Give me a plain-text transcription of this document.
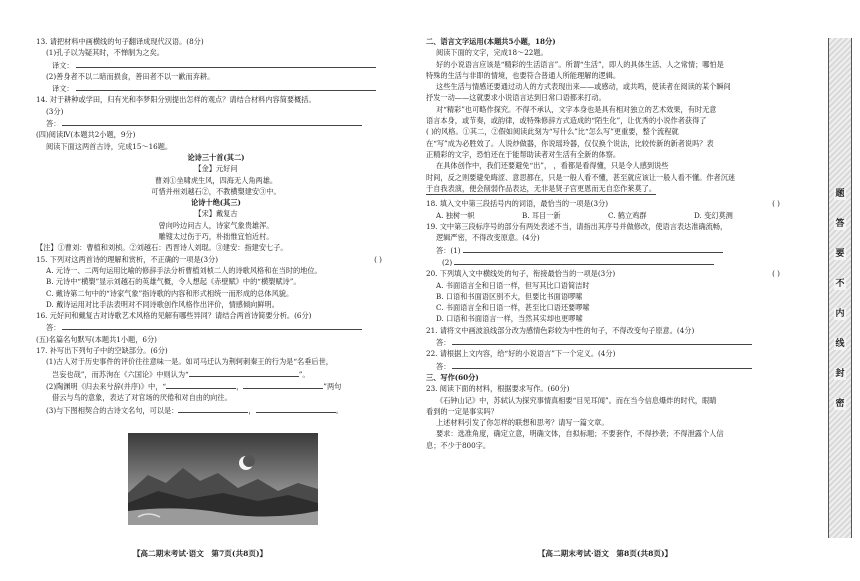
13. 请把材料中画横线的句子翻译成现代汉语。(8分)
(1)孔子以为疑其时，不惮制为之矣。
译文：
(2)善身者不以二暗而损食，善田者不以一歉而弃耕。
译文：
14. 对于耕种或学田，归有光和李梦阳分别提出怎样的观点？请结合材料内容简要概括。
(3分)
答：
(四)阅读Ⅳ(本题共2小题，9分)
阅读下面这两首古诗，完成15～16题。
论诗三十首(其二)
【金】元好问
曹刘①坐啸虎生风，四海无人角两雄。
可惜并州刘越石②，不教横槊建安③中。
论诗十绝(其三)
【宋】戴复古
曾向吟边问古人，诗家气象贵雄浑。
雕锼太过伤于巧，朴拙惟宜怕近村。
【注】①曹刘：曹植和刘桢。②刘越石：西晋诗人刘琨。③建安：指建安七子。
15. 下列对这两首诗的理解和赏析，不正确的一项是(3分)	( )
A. 元诗一、二两句运用比喻的修辞手法分析曹植刘桢二人的诗歌风格和在当时的地位。
B. 元诗中“横槊”显示刘越石的英雄气概，令人想起《赤壁赋》中的“横槊赋诗”。
C. 戴诗第二句中的“诗家气象”指诗歌的内容和形式相统一而形成的总体风貌。
D. 戴诗运用对比手法表明对不同诗歌创作风格作出评价，情感倾向鲜明。
16. 元好问和戴复古对诗歌艺术风格的见解有哪些异同？请结合两首诗简要分析。(6分)
答：
(五)名篇名句默写(本题共1小题，6分)
17. 补写出下列句子中的空缺部分。(6分)
(1)古人对于历史事件的评价往往意味一是。如司马迁认为荆轲刺秦王的行为是“名垂后世，
岂妄也哉”，而苏洵在《六国论》中则认为“	”。
(2)陶渊明《归去来兮辞(并序)》中，“	，	”两句
借云与鸟的意象，表达了对官场的厌倦和对自由的向往。
(3)与下图相契合的古诗文名句，可以是：	，	。
【高二期末考试·语文　第7页(共8页)】
二、语言文字运用(本题共5小题，18分)
阅读下面的文字，完成18～22题。
好的小说语言应该是“精彩的生活语言”。所谓“生活”，即人的具体生活、人之常情；哪怕是
特殊的生活与非即的情境，也要符合普通人所能理解的逻辑。
这些生活与情感还要通过动人的方式表现出来——或感动，或共鸣，使读者在阅读的某个瞬间
抒发一动——这就要求小说语言达到日常口语都来打动。
对“精彩”也可略作探究。不得不承认，文字本身也是具有相对独立的艺术效果，有时无意
语言本身，或节奏，或韵律，或特殊修辞方式造成的“陌生化”，让优秀的小说作者获得了
( )的风格。①其二，②假如阅读此刻为“写什么”比“怎么写”更重要，整个流程就
在“写”成为必胜效了。人说炒做器，你说瑶玲器，仅仅换个说法，比较传新的新者说吗？表
正精彩的文字，恐怕还在于能帮助读者对生活有全新的体察。
在具体创作中，我们还要避免“出”， ，看都是看得懂，只是令人感到说些
时间，反之则要避免晦涩、意思都在，只是一般人看不懂，甚至就应该让一般人看不懂。作者沉迷
于自我表演，便会削弱作品表达，无非是贤子宫更恩而无自恋作莱莫了。
18. 填入文中第三段括号内的词语，最恰当的一项是(3分)	( )
A. 独树一帜	B. 耳目一新	C. 鹤立鸡群	D. 变幻莫测
19. 文中第三段标序号的部分有两处表述不当，请指出其序号并做修改，使语言表达准确流畅，
逻辑严密，不得改变原意。(4分)
答：(1)
(2)
20. 下列填入文中横线处的句子，衔接最恰当的一项是(3分)	( )
A. 书面语言全和日语一样，但写其比口语简洁时
B. 口语和书面语区别不大，但要比书面语啰嗦
C. 书面语言全和日语一样，甚至比口语还要啰嗦
D. 口语和书面语言一样，当然其实却也更啰嗦
21. 请将文中画波浪线部分改为感情色彩较为中性的句子，不得改变句子原意。(4分)
答：
22. 请根据上文内容，给“好的小说语言”下一个定义。(4分)
答：
三、写作(60分)
23. 阅读下面的材料，根据要求写作。(60分)
《石钟山记》中，苏轼认为探究事情真相要“目见耳闻”。而在当今信息爆炸的时代，眼睛
看到的一定是事实吗？
上述材料引发了你怎样的联想和思考？请写一篇文章。
要求：选准角度，确定立意，明确文体，自拟标题；不要套作，不得抄袭；不得泄露个人信
息；不少于800字。
【高二期末考试·语文　第8页(共8页)】
题
答
要
不
内
线
封
密
